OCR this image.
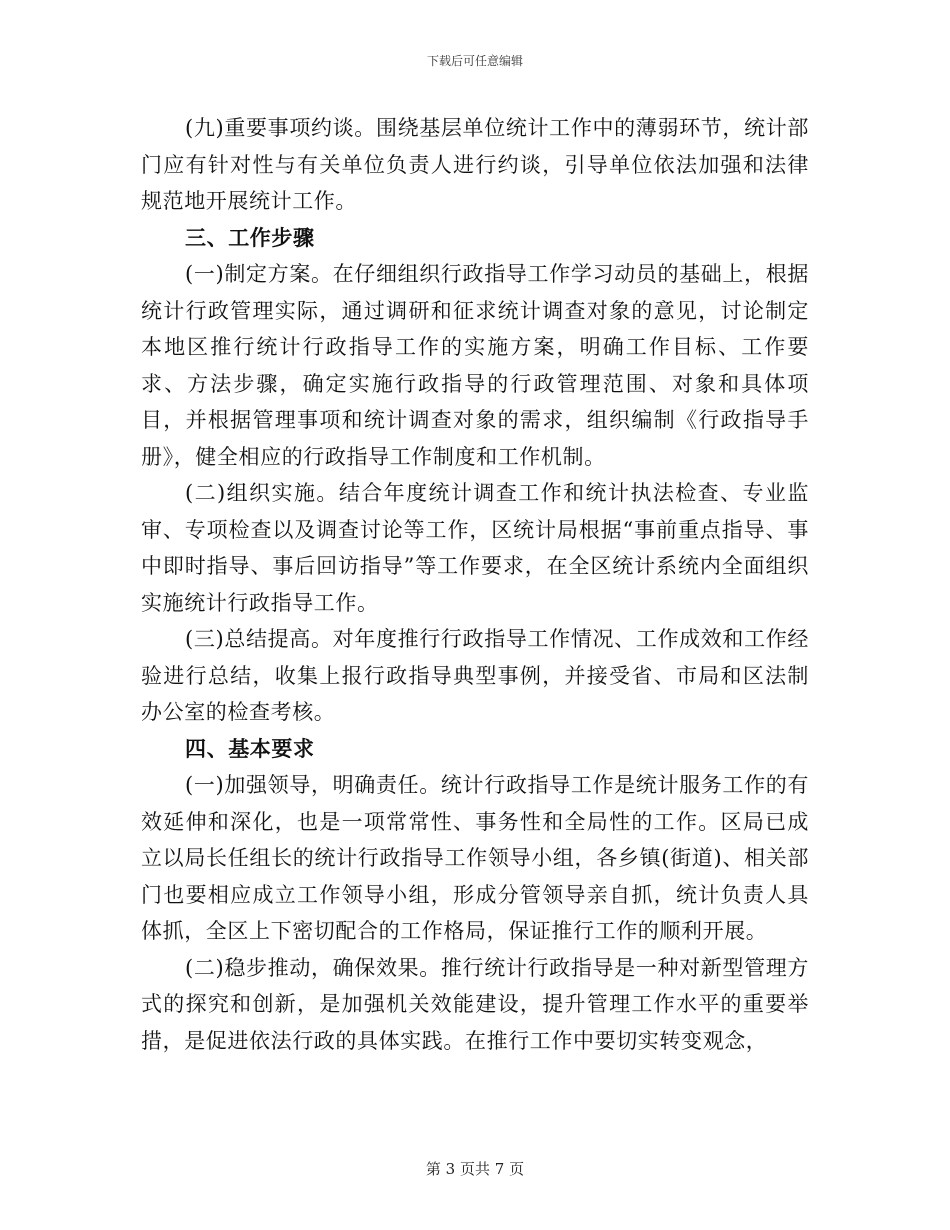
下载后可任意编辑

(九)重要事项约谈。围绕基层单位统计工作中的薄弱环节，统计部门应有针对性与有关单位负责人进行约谈，引导单位依法加强和法律规范地开展统计工作。

三、工作步骤

(一)制定方案。在仔细组织行政指导工作学习动员的基础上，根据统计行政管理实际，通过调研和征求统计调查对象的意见，讨论制定本地区推行统计行政指导工作的实施方案，明确工作目标、工作要求、方法步骤，确定实施行政指导的行政管理范围、对象和具体项目，并根据管理事项和统计调查对象的需求，组织编制《行政指导手册》，健全相应的行政指导工作制度和工作机制。

(二)组织实施。结合年度统计调查工作和统计执法检查、专业监审、专项检查以及调查讨论等工作，区统计局根据“事前重点指导、事中即时指导、事后回访指导”等工作要求，在全区统计系统内全面组织实施统计行政指导工作。

(三)总结提高。对年度推行行政指导工作情况、工作成效和工作经验进行总结，收集上报行政指导典型事例，并接受省、市局和区法制办公室的检查考核。

四、基本要求

(一)加强领导，明确责任。统计行政指导工作是统计服务工作的有效延伸和深化，也是一项常常性、事务性和全局性的工作。区局已成立以局长任组长的统计行政指导工作领导小组，各乡镇(街道)、相关部门也要相应成立工作领导小组，形成分管领导亲自抓，统计负责人具体抓，全区上下密切配合的工作格局，保证推行工作的顺利开展。

(二)稳步推动，确保效果。推行统计行政指导是一种对新型管理方式的探究和创新，是加强机关效能建设，提升管理工作水平的重要举措，是促进依法行政的具体实践。在推行工作中要切实转变观念，

第 3 页共 7 页
